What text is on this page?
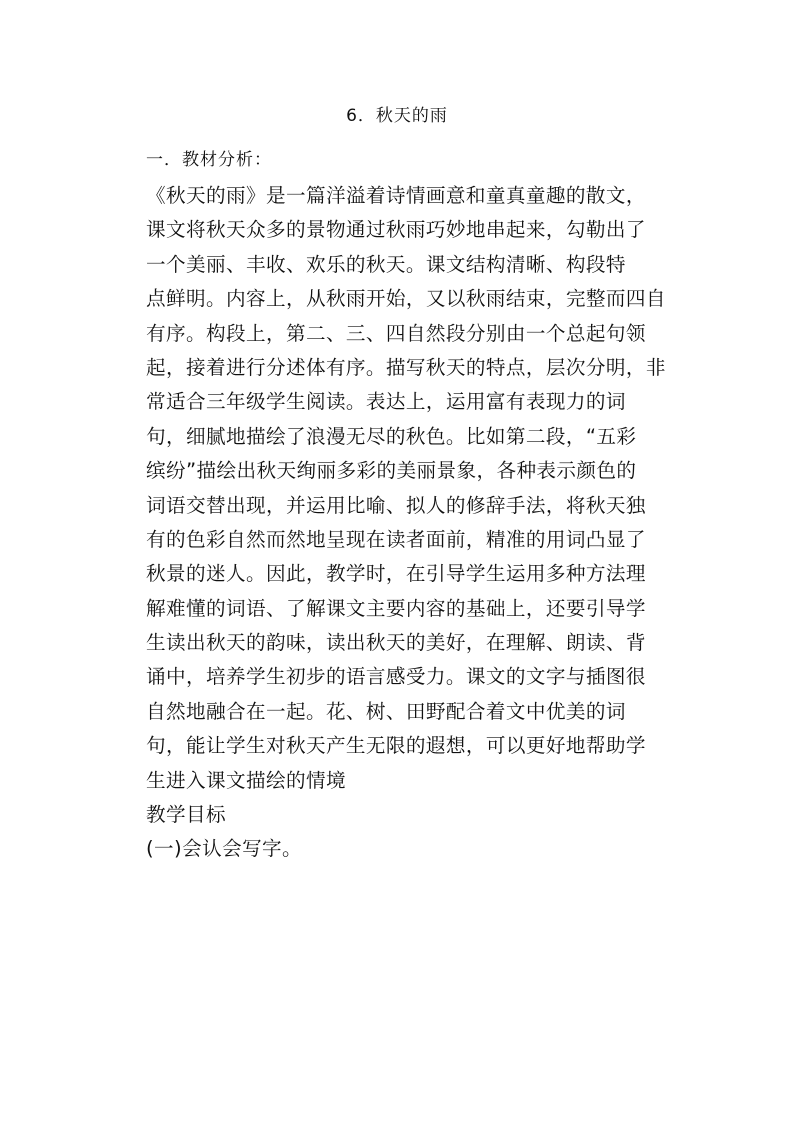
6．秋天的雨
一．教材分析：
《秋天的雨》是一篇洋溢着诗情画意和童真童趣的散文，
课文将秋天众多的景物通过秋雨巧妙地串起来，勾勒出了
一个美丽、丰收、欢乐的秋天。课文结构清晰、构段特
点鲜明。内容上，从秋雨开始，又以秋雨结束，完整而四自
有序。构段上，第二、三、四自然段分别由一个总起句领
起，接着进行分述体有序。描写秋天的特点，层次分明，非
常适合三年级学生阅读。表达上，运用富有表现力的词
句，细腻地描绘了浪漫无尽的秋色。比如第二段，“五彩
缤纷”描绘出秋天绚丽多彩的美丽景象，各种表示颜色的
词语交替出现，并运用比喻、拟人的修辞手法，将秋天独
有的色彩自然而然地呈现在读者面前，精准的用词凸显了
秋景的迷人。因此，教学时，在引导学生运用多种方法理
解难懂的词语、了解课文主要内容的基础上，还要引导学
生读出秋天的韵味，读出秋天的美好，在理解、朗读、背
诵中，培养学生初步的语言感受力。课文的文字与插图很
自然地融合在一起。花、树、田野配合着文中优美的词
句，能让学生对秋天产生无限的遐想，可以更好地帮助学
生进入课文描绘的情境
教学目标
(一)会认会写字。
